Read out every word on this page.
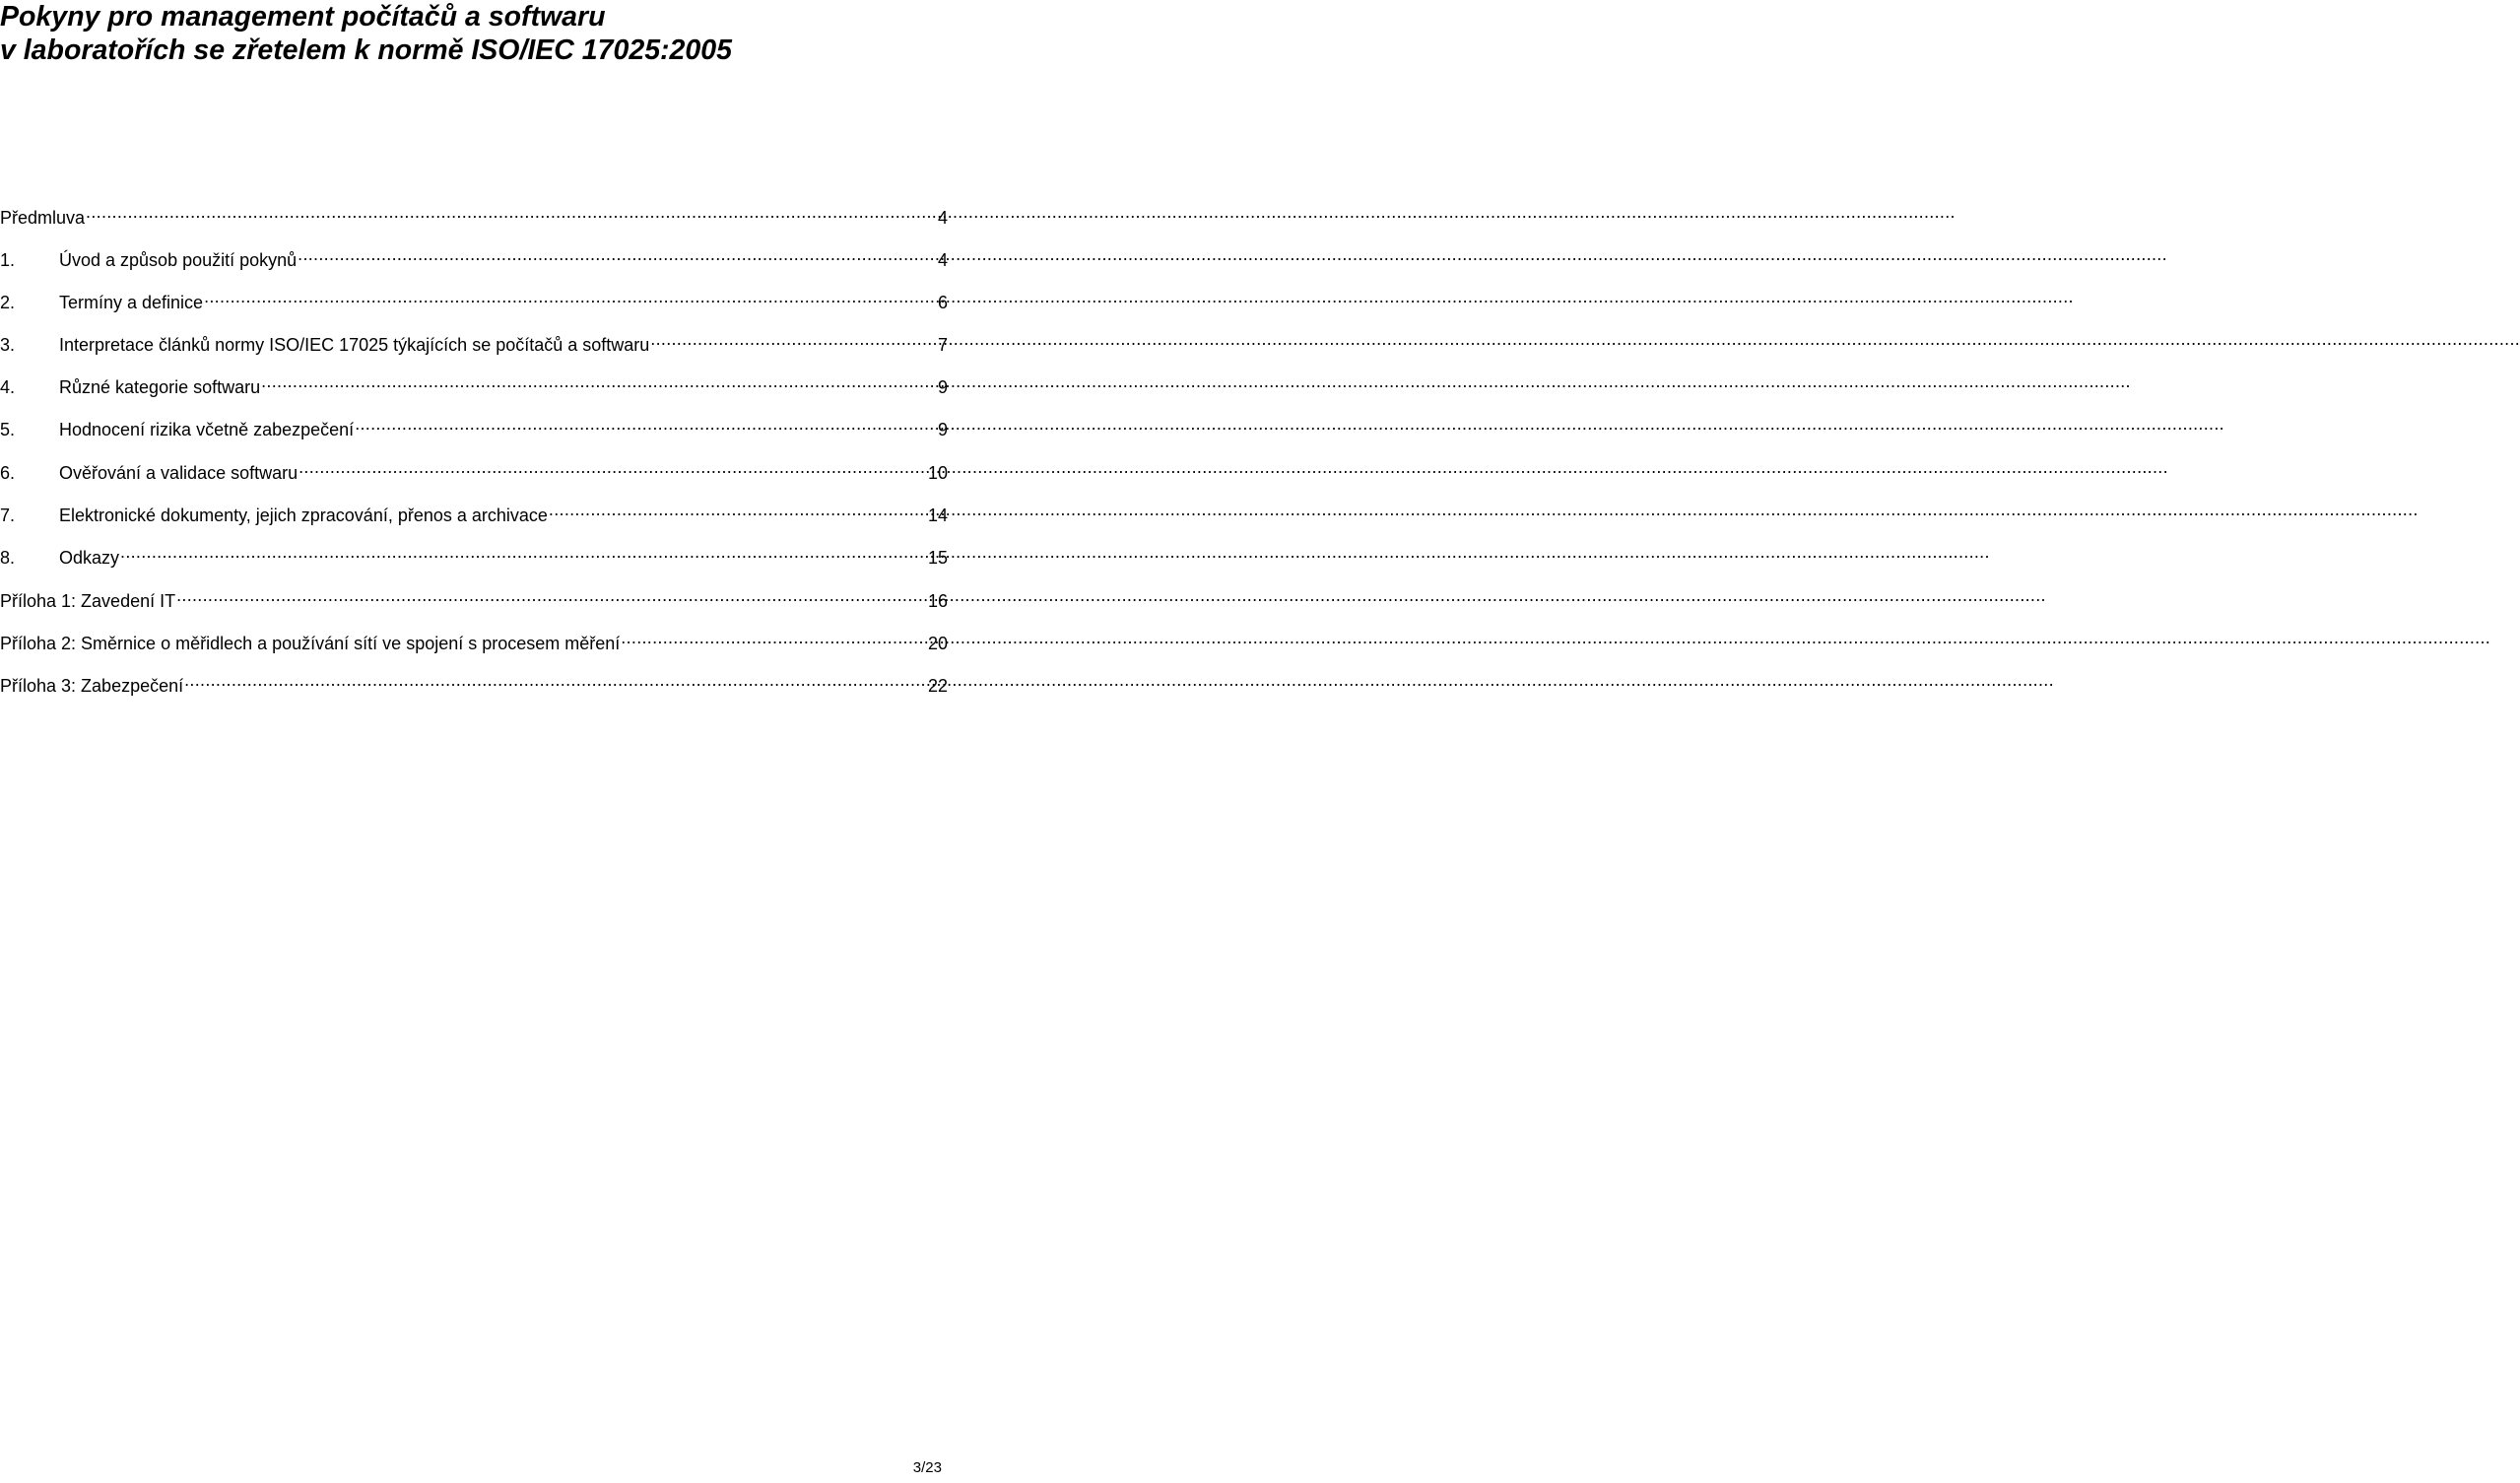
Pokyny pro management počítačů a softwaru
v laboratořích se zřetelem k normě ISO/IEC 17025:2005
Předmluva .....	4
1.	Úvod a způsob použití pokynů .....	4
2.	Termíny a definice .....	6
3.	Interpretace článků normy ISO/IEC 17025 týkajících se počítačů a softwaru .....	7
4.	Různé kategorie softwaru .....	9
5.	Hodnocení rizika včetně zabezpečení .....	9
6.	Ověřování a validace softwaru .....	10
7.	Elektronické dokumenty, jejich zpracování, přenos a archivace .....	14
8.	Odkazy .....	15
Příloha 1: Zavedení IT .....	16
Příloha 2: Směrnice o měřidlech a používání sítí ve spojení s procesem měření .....	20
Příloha 3: Zabezpečení .....	22
3/23
